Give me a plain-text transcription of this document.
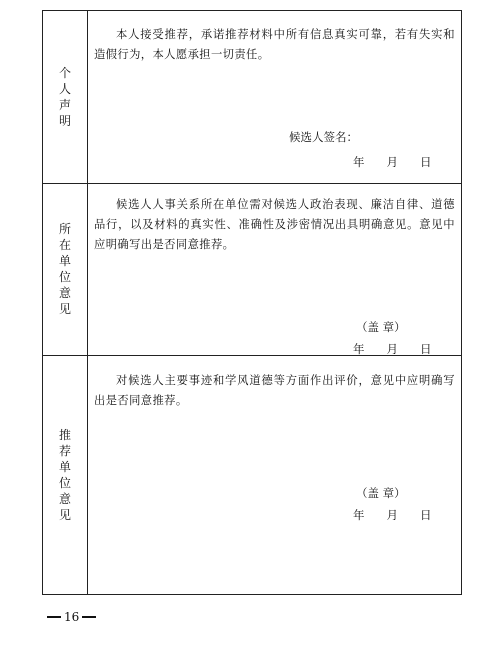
个
人
声
明
本人接受推荐，承诺推荐材料中所有信息真实可靠，若有失实和造假行为，本人愿承担一切责任。
候选人签名：
年 月 日
所
在
单
位
意
见
候选人人事关系所在单位需对候选人政治表现、廉洁自律、道德品行，以及材料的真实性、准确性及涉密情况出具明确意见。意见中应明确写出是否同意推荐。
（盖 章）
年 月 日
推
荐
单
位
意
见
对候选人主要事迹和学风道德等方面作出评价，意见中应明确写出是否同意推荐。
（盖 章）
年 月 日
16
